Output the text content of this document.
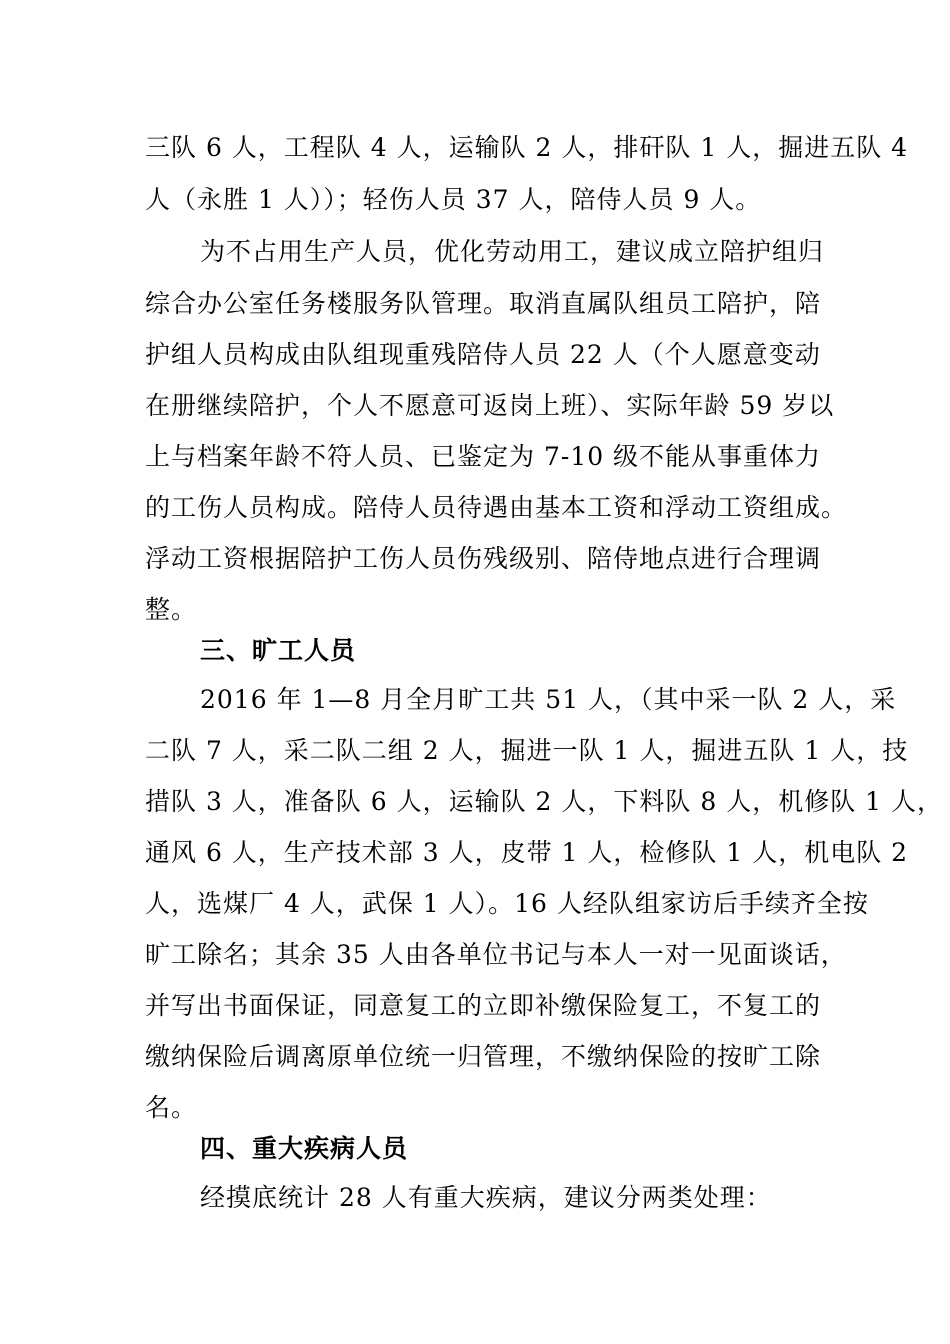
三队 6 人，工程队 4 人，运输队 2 人，排矸队 1 人，掘进五队 4
人（永胜 1 人））；轻伤人员 37 人，陪侍人员 9 人。
为不占用生产人员，优化劳动用工，建议成立陪护组归
综合办公室任务楼服务队管理。取消直属队组员工陪护，陪
护组人员构成由队组现重残陪侍人员 22 人（个人愿意变动
在册继续陪护，个人不愿意可返岗上班）、实际年龄 59 岁以
上与档案年龄不符人员、已鉴定为 7-10 级不能从事重体力
的工伤人员构成。陪侍人员待遇由基本工资和浮动工资组成。
浮动工资根据陪护工伤人员伤残级别、陪侍地点进行合理调
整。
三、旷工人员
2016 年 1—8 月全月旷工共 51 人，（其中采一队 2 人，采
二队 7 人，采二队二组 2 人，掘进一队 1 人，掘进五队 1 人，技
措队 3 人，准备队 6 人，运输队 2 人，下料队 8 人，机修队 1 人，
通风 6 人，生产技术部 3 人，皮带 1 人，检修队 1 人，机电队 2
人，选煤厂 4 人，武保 1 人）。16 人经队组家访后手续齐全按
旷工除名；其余 35 人由各单位书记与本人一对一见面谈话，
并写出书面保证，同意复工的立即补缴保险复工，不复工的
缴纳保险后调离原单位统一归管理，不缴纳保险的按旷工除
名。
四、重大疾病人员
经摸底统计 28 人有重大疾病，建议分两类处理：
